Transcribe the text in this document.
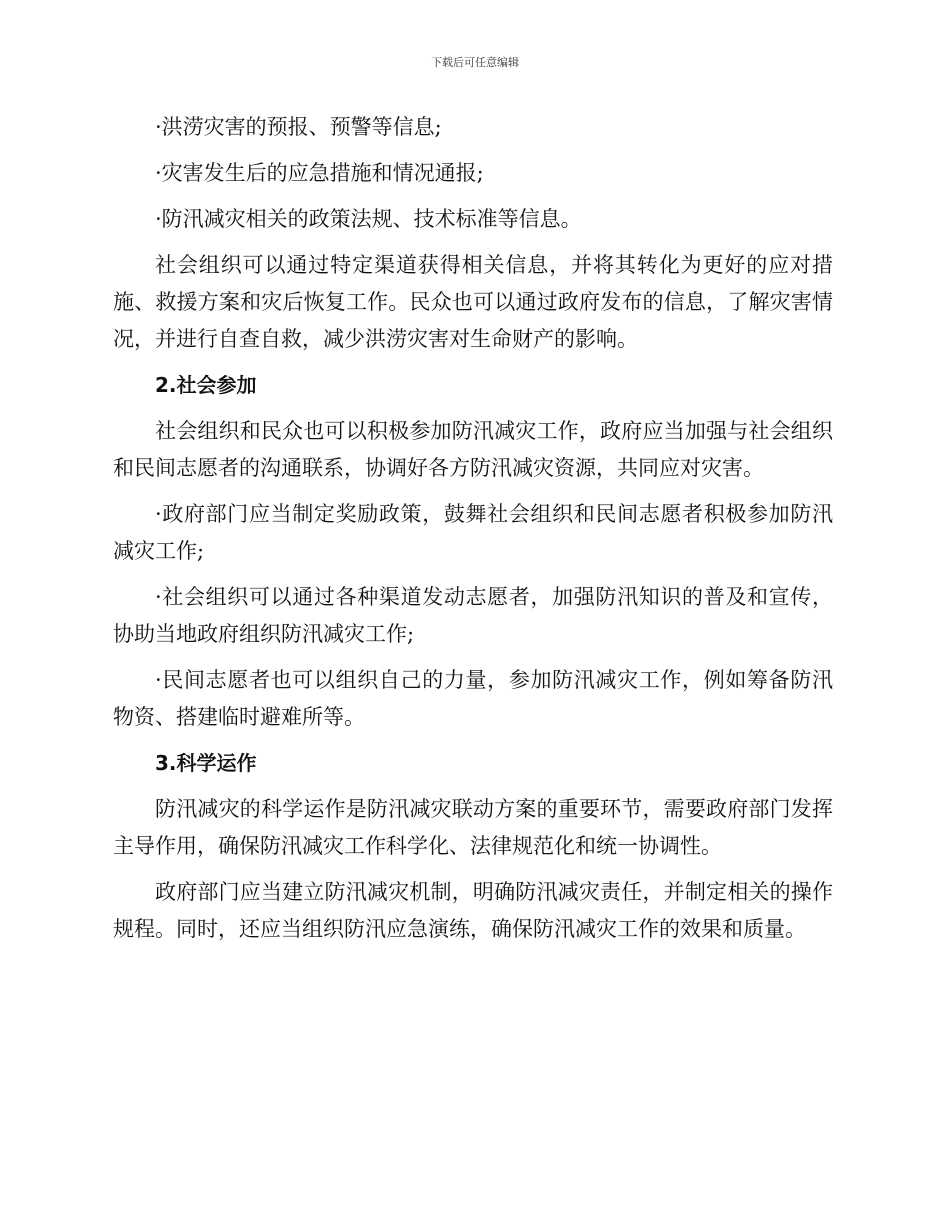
下载后可任意编辑

·洪涝灾害的预报、预警等信息;

·灾害发生后的应急措施和情况通报;

·防汛减灾相关的政策法规、技术标准等信息。

社会组织可以通过特定渠道获得相关信息，并将其转化为更好的应对措施、救援方案和灾后恢复工作。民众也可以通过政府发布的信息，了解灾害情况，并进行自查自救，减少洪涝灾害对生命财产的影响。

2.社会参加

社会组织和民众也可以积极参加防汛减灾工作，政府应当加强与社会组织和民间志愿者的沟通联系，协调好各方防汛减灾资源，共同应对灾害。

·政府部门应当制定奖励政策，鼓舞社会组织和民间志愿者积极参加防汛减灾工作;

·社会组织可以通过各种渠道发动志愿者，加强防汛知识的普及和宣传，协助当地政府组织防汛减灾工作;

·民间志愿者也可以组织自己的力量，参加防汛减灾工作，例如筹备防汛物资、搭建临时避难所等。

3.科学运作

防汛减灾的科学运作是防汛减灾联动方案的重要环节，需要政府部门发挥主导作用，确保防汛减灾工作科学化、法律规范化和统一协调性。

政府部门应当建立防汛减灾机制，明确防汛减灾责任，并制定相关的操作规程。同时，还应当组织防汛应急演练，确保防汛减灾工作的效果和质量。
